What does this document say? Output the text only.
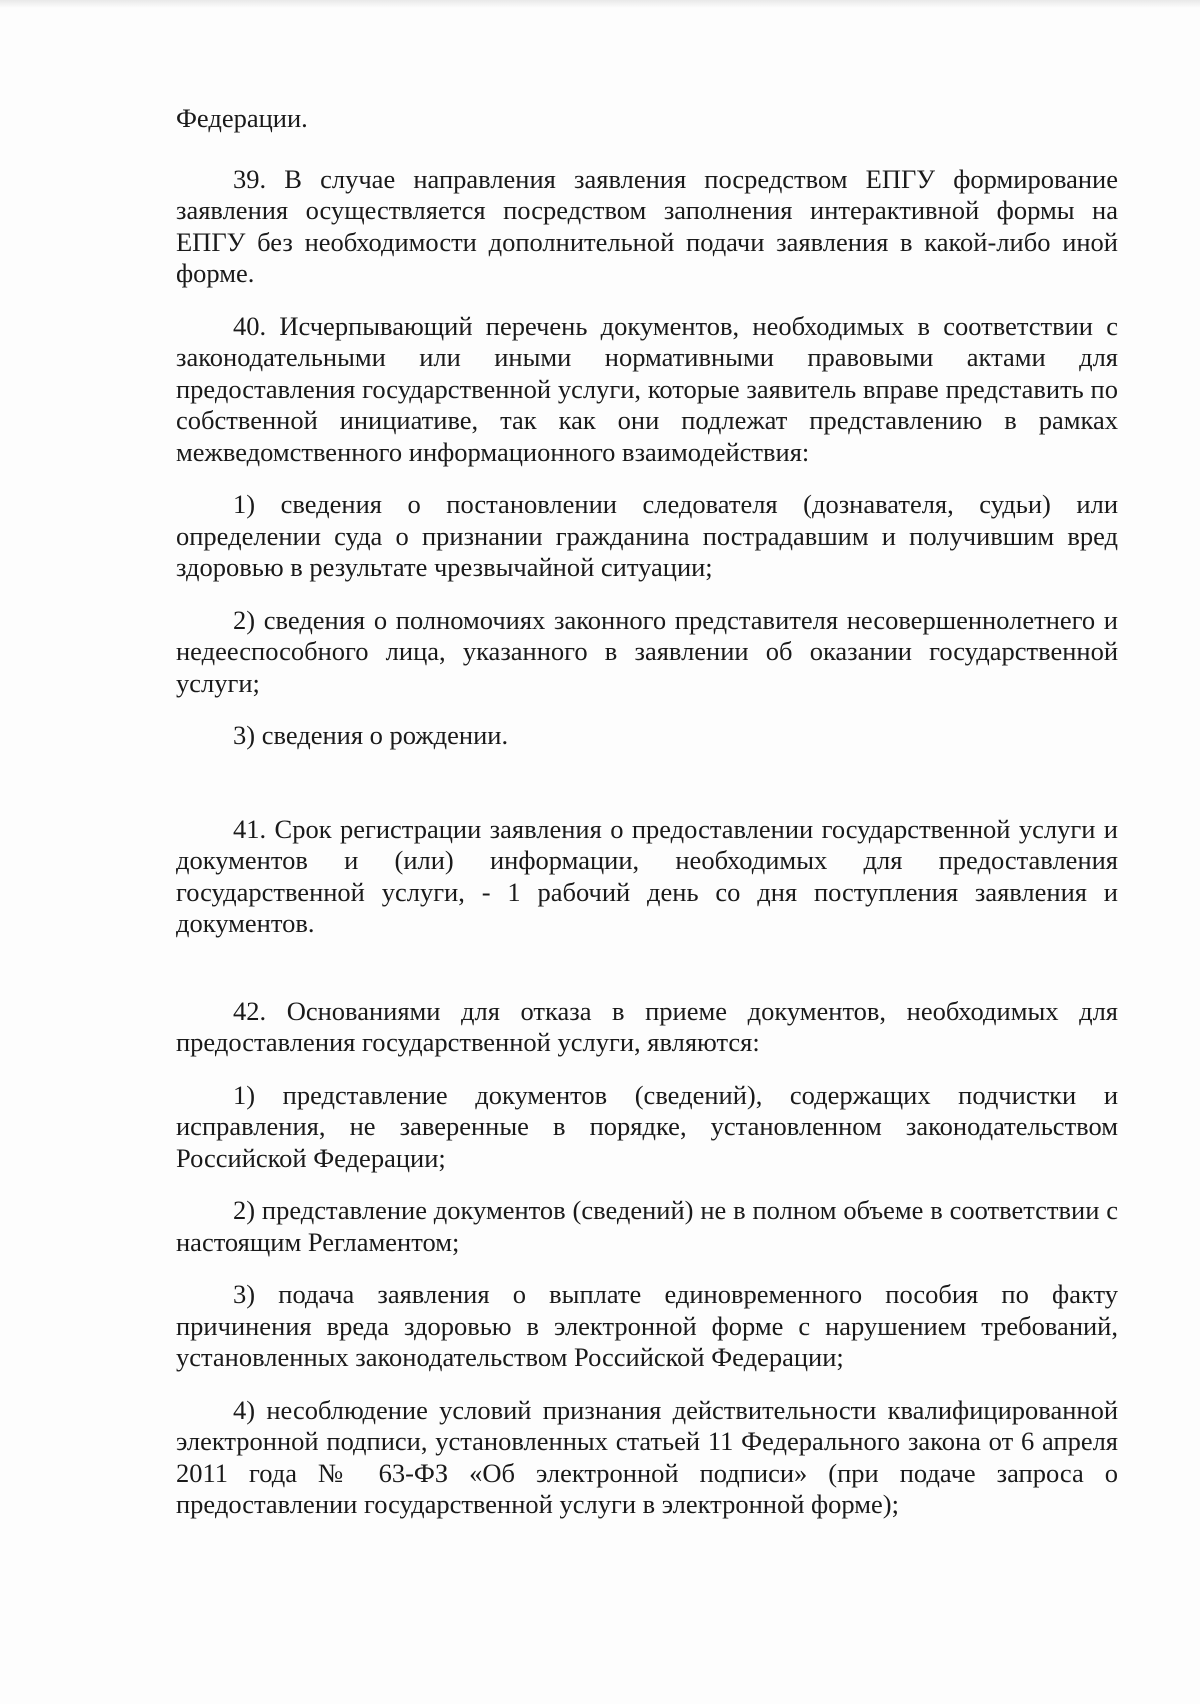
Федерации.

39. В случае направления заявления посредством ЕПГУ формирование заявления осуществляется посредством заполнения интерактивной формы на ЕПГУ без необходимости дополнительной подачи заявления в какой-либо иной форме.

40. Исчерпывающий перечень документов, необходимых в соответствии с законодательными или иными нормативными правовыми актами для предоставления государственной услуги, которые заявитель вправе представить по собственной инициативе, так как они подлежат представлению в рамках межведомственного информационного взаимодействия:

1) сведения о постановлении следователя (дознавателя, судьи) или определении суда о признании гражданина пострадавшим и получившим вред здоровью в результате чрезвычайной ситуации;

2) сведения о полномочиях законного представителя несовершеннолетнего и недееспособного лица, указанного в заявлении об оказании государственной услуги;

3) сведения о рождении.

41. Срок регистрации заявления о предоставлении государственной услуги и документов и (или) информации, необходимых для предоставления государственной услуги, - 1 рабочий день со дня поступления заявления и документов.

42. Основаниями для отказа в приеме документов, необходимых для предоставления государственной услуги, являются:

1) представление документов (сведений), содержащих подчистки и исправления, не заверенные в порядке, установленном законодательством Российской Федерации;

2) представление документов (сведений) не в полном объеме в соответствии с настоящим Регламентом;

3) подача заявления о выплате единовременного пособия по факту причинения вреда здоровью в электронной форме с нарушением требований, установленных законодательством Российской Федерации;

4) несоблюдение условий признания действительности квалифицированной электронной подписи, установленных статьей 11 Федерального закона от 6 апреля 2011 года № 63-ФЗ «Об электронной подписи» (при подаче запроса о предоставлении государственной услуги в электронной форме);
